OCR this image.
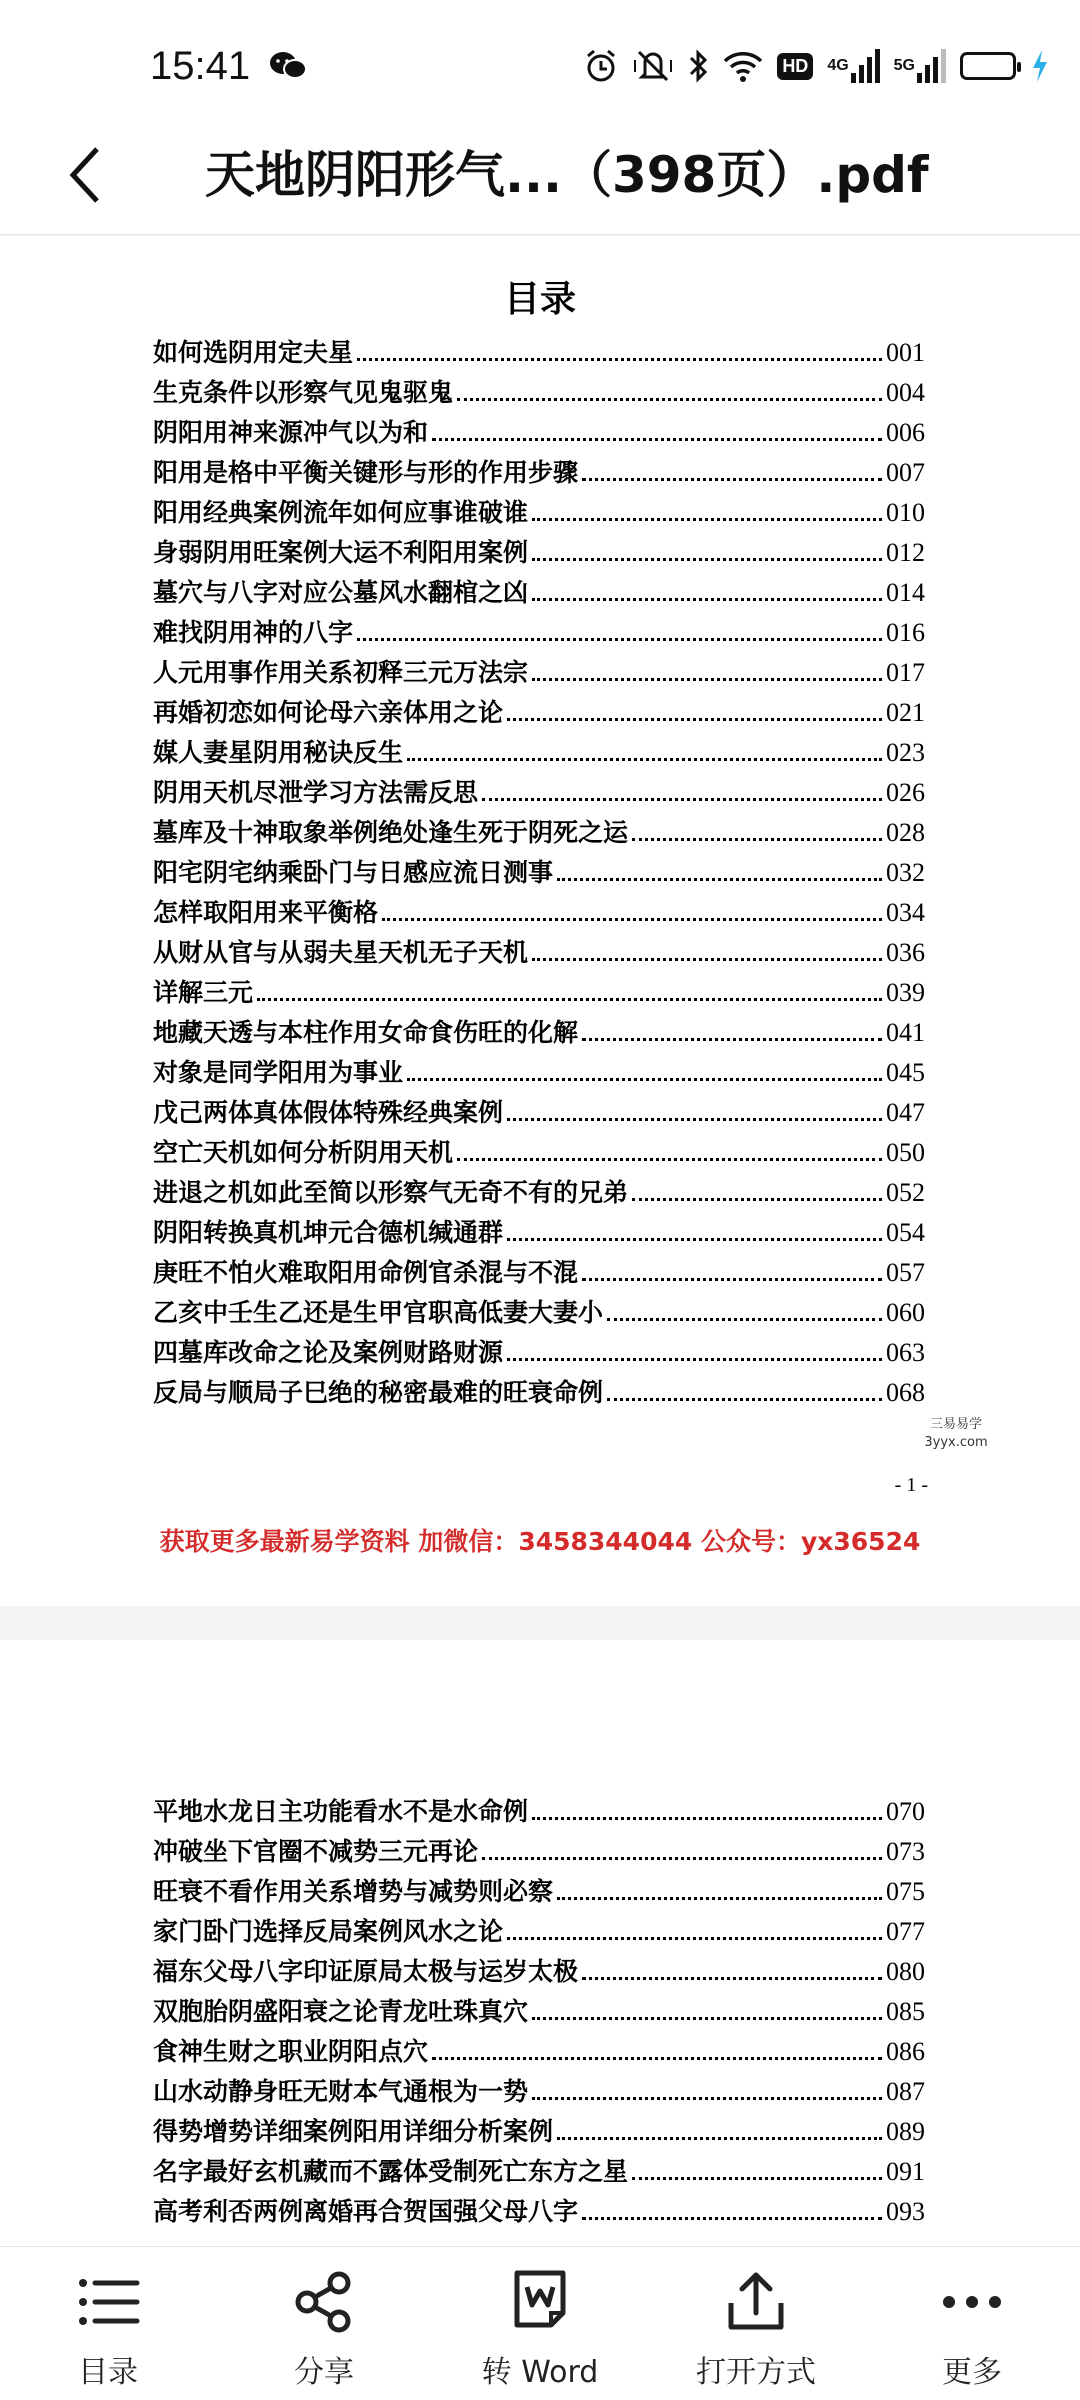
15:41	HD	4G	5G
天地阴阳形气...（398页）.pdf
目录
如何选阴用定夫星	001
生克条件以形察气见鬼驱鬼	004
阴阳用神来源冲气以为和	006
阳用是格中平衡关键形与形的作用步骤	007
阳用经典案例流年如何应事谁破谁	010
身弱阴用旺案例大运不利阳用案例	012
墓穴与八字对应公墓风水翻棺之凶	014
难找阴用神的八字	016
人元用事作用关系初释三元万法宗	017
再婚初恋如何论母六亲体用之论	021
媒人妻星阴用秘诀反生	023
阴用天机尽泄学习方法需反思	026
墓库及十神取象举例绝处逢生死于阴死之运	028
阳宅阴宅纳乘卧门与日感应流日测事	032
怎样取阳用来平衡格	034
从财从官与从弱夫星天机无子天机	036
详解三元	039
地藏天透与本柱作用女命食伤旺的化解	041
对象是同学阳用为事业	045
戊己两体真体假体特殊经典案例	047
空亡天机如何分析阴用天机	050
进退之机如此至简以形察气无奇不有的兄弟	052
阴阳转换真机坤元合德机缄通群	054
庚旺不怕火难取阳用命例官杀混与不混	057
乙亥中壬生乙还是生甲官职高低妻大妻小	060
四墓库改命之论及案例财路财源	063
反局与顺局子巳绝的秘密最难的旺衰命例	068
三易易学
3yyx.com
- 1 -
获取更多最新易学资料 加微信：3458344044 公众号：yx36524
平地水龙日主功能看水不是水命例	070
冲破坐下官圈不减势三元再论	073
旺衰不看作用关系增势与减势则必察	075
家门卧门选择反局案例风水之论	077
福东父母八字印证原局太极与运岁太极	080
双胞胎阴盛阳衰之论青龙吐珠真穴	085
食神生财之职业阴阳点穴	086
山水动静身旺无财本气通根为一势	087
得势增势详细案例阳用详细分析案例	089
名字最好玄机藏而不露体受制死亡东方之星	091
高考利否两例离婚再合贺国强父母八字	093
目录	分享	转 Word	打开方式	更多
